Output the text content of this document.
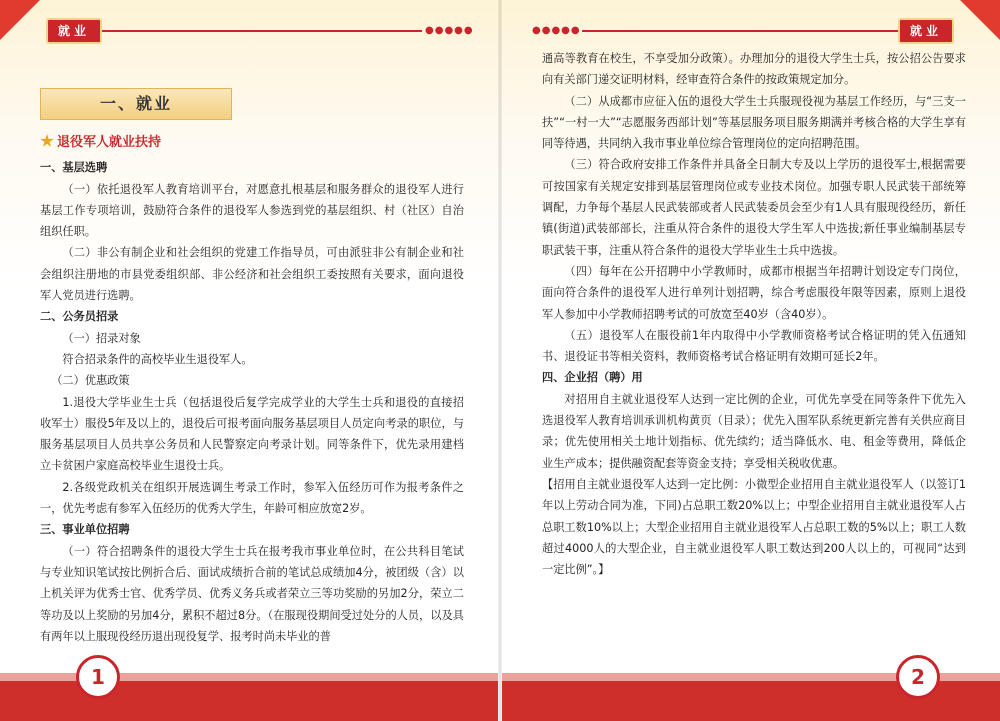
就业	●●●●●
一、就业
退役军人就业扶持

一、基层选聘

（一）依托退役军人教育培训平台，对愿意扎根基层和服务群众的退役军人进行基层工作专项培训，鼓励符合条件的退役军人参选到党的基层组织、村（社区）自治组织任职。

（二）非公有制企业和社会组织的党建工作指导员，可由派驻非公有制企业和社会组织注册地的市县党委组织部、非公经济和社会组织工委按照有关要求，面向退役军人党员进行选聘。

二、公务员招录

（一）招录对象

符合招录条件的高校毕业生退役军人。

（二）优惠政策

1.退役大学毕业生士兵（包括退役后复学完成学业的大学生士兵和退役的直接招收军士）服役5年及以上的，退役后可报考面向服务基层项目人员定向考录的职位，与服务基层项目人员共享公务员和人民警察定向考录计划。同等条件下，优先录用建档立卡贫困户家庭高校毕业生退役士兵。

2.各级党政机关在组织开展选调生考录工作时，参军入伍经历可作为报考条件之一，优先考虑有参军入伍经历的优秀大学生，年龄可相应放宽2岁。

三、事业单位招聘

（一）符合招聘条件的退役大学生士兵在报考我市事业单位时，在公共科目笔试与专业知识笔试按比例折合后、面试成绩折合前的笔试总成绩加4分，被团级（含）以上机关评为优秀士官、优秀学员、优秀义务兵或者荣立三等功奖励的另加2分，荣立二等功及以上奖励的另加4分，累积不超过8分。（在服现役期间受过处分的人员，以及具有两年以上服现役经历退出现役复学、报考时尚未毕业的普

1
●●●●●	就业

通高等教育在校生，不享受加分政策）。办理加分的退役大学生士兵，按公招公告要求向有关部门递交证明材料，经审查符合条件的按政策规定加分。

（二）从成都市应征入伍的退役大学生士兵服现役视为基层工作经历，与“三支一扶”“一村一大”“志愿服务西部计划”等基层服务项目服务期满并考核合格的大学生享有同等待遇，共同纳入我市事业单位综合管理岗位的定向招聘范围。

（三）符合政府安排工作条件并具备全日制大专及以上学历的退役军士,根据需要可按国家有关规定安排到基层管理岗位或专业技术岗位。加强专职人民武装干部统筹调配，力争每个基层人民武装部或者人民武装委员会至少有1人具有服现役经历，新任镇(街道)武装部部长，注重从符合条件的退役大学生军人中选拔;新任事业编制基层专职武装干事，注重从符合条件的退役大学毕业生士兵中选拔。

（四）每年在公开招聘中小学教师时，成都市根据当年招聘计划设定专门岗位，面向符合条件的退役军人进行单列计划招聘，综合考虑服役年限等因素，原则上退役军人参加中小学教师招聘考试的可放宽至40岁（含40岁）。

（五）退役军人在服役前1年内取得中小学教师资格考试合格证明的凭入伍通知书、退役证书等相关资料，教师资格考试合格证明有效期可延长2年。

四、企业招（聘）用

对招用自主就业退役军人达到一定比例的企业，可优先享受在同等条件下优先入选退役军人教育培训承训机构黄页（目录）；优先入围军队系统更新完善有关供应商目录；优先使用相关土地计划指标、优先续约；适当降低水、电、租金等费用，降低企业生产成本；提供融资配套等资金支持；享受相关税收优惠。

【招用自主就业退役军人达到一定比例：小微型企业招用自主就业退役军人（以签订1年以上劳动合同为准，下同)占总职工数20%以上；中型企业招用自主就业退役军人占总职工数10%以上；大型企业招用自主就业退役军人占总职工数的5%以上；职工人数超过4000人的大型企业，自主就业退役军人职工数达到200人以上的，可视同“达到一定比例”。】

2
